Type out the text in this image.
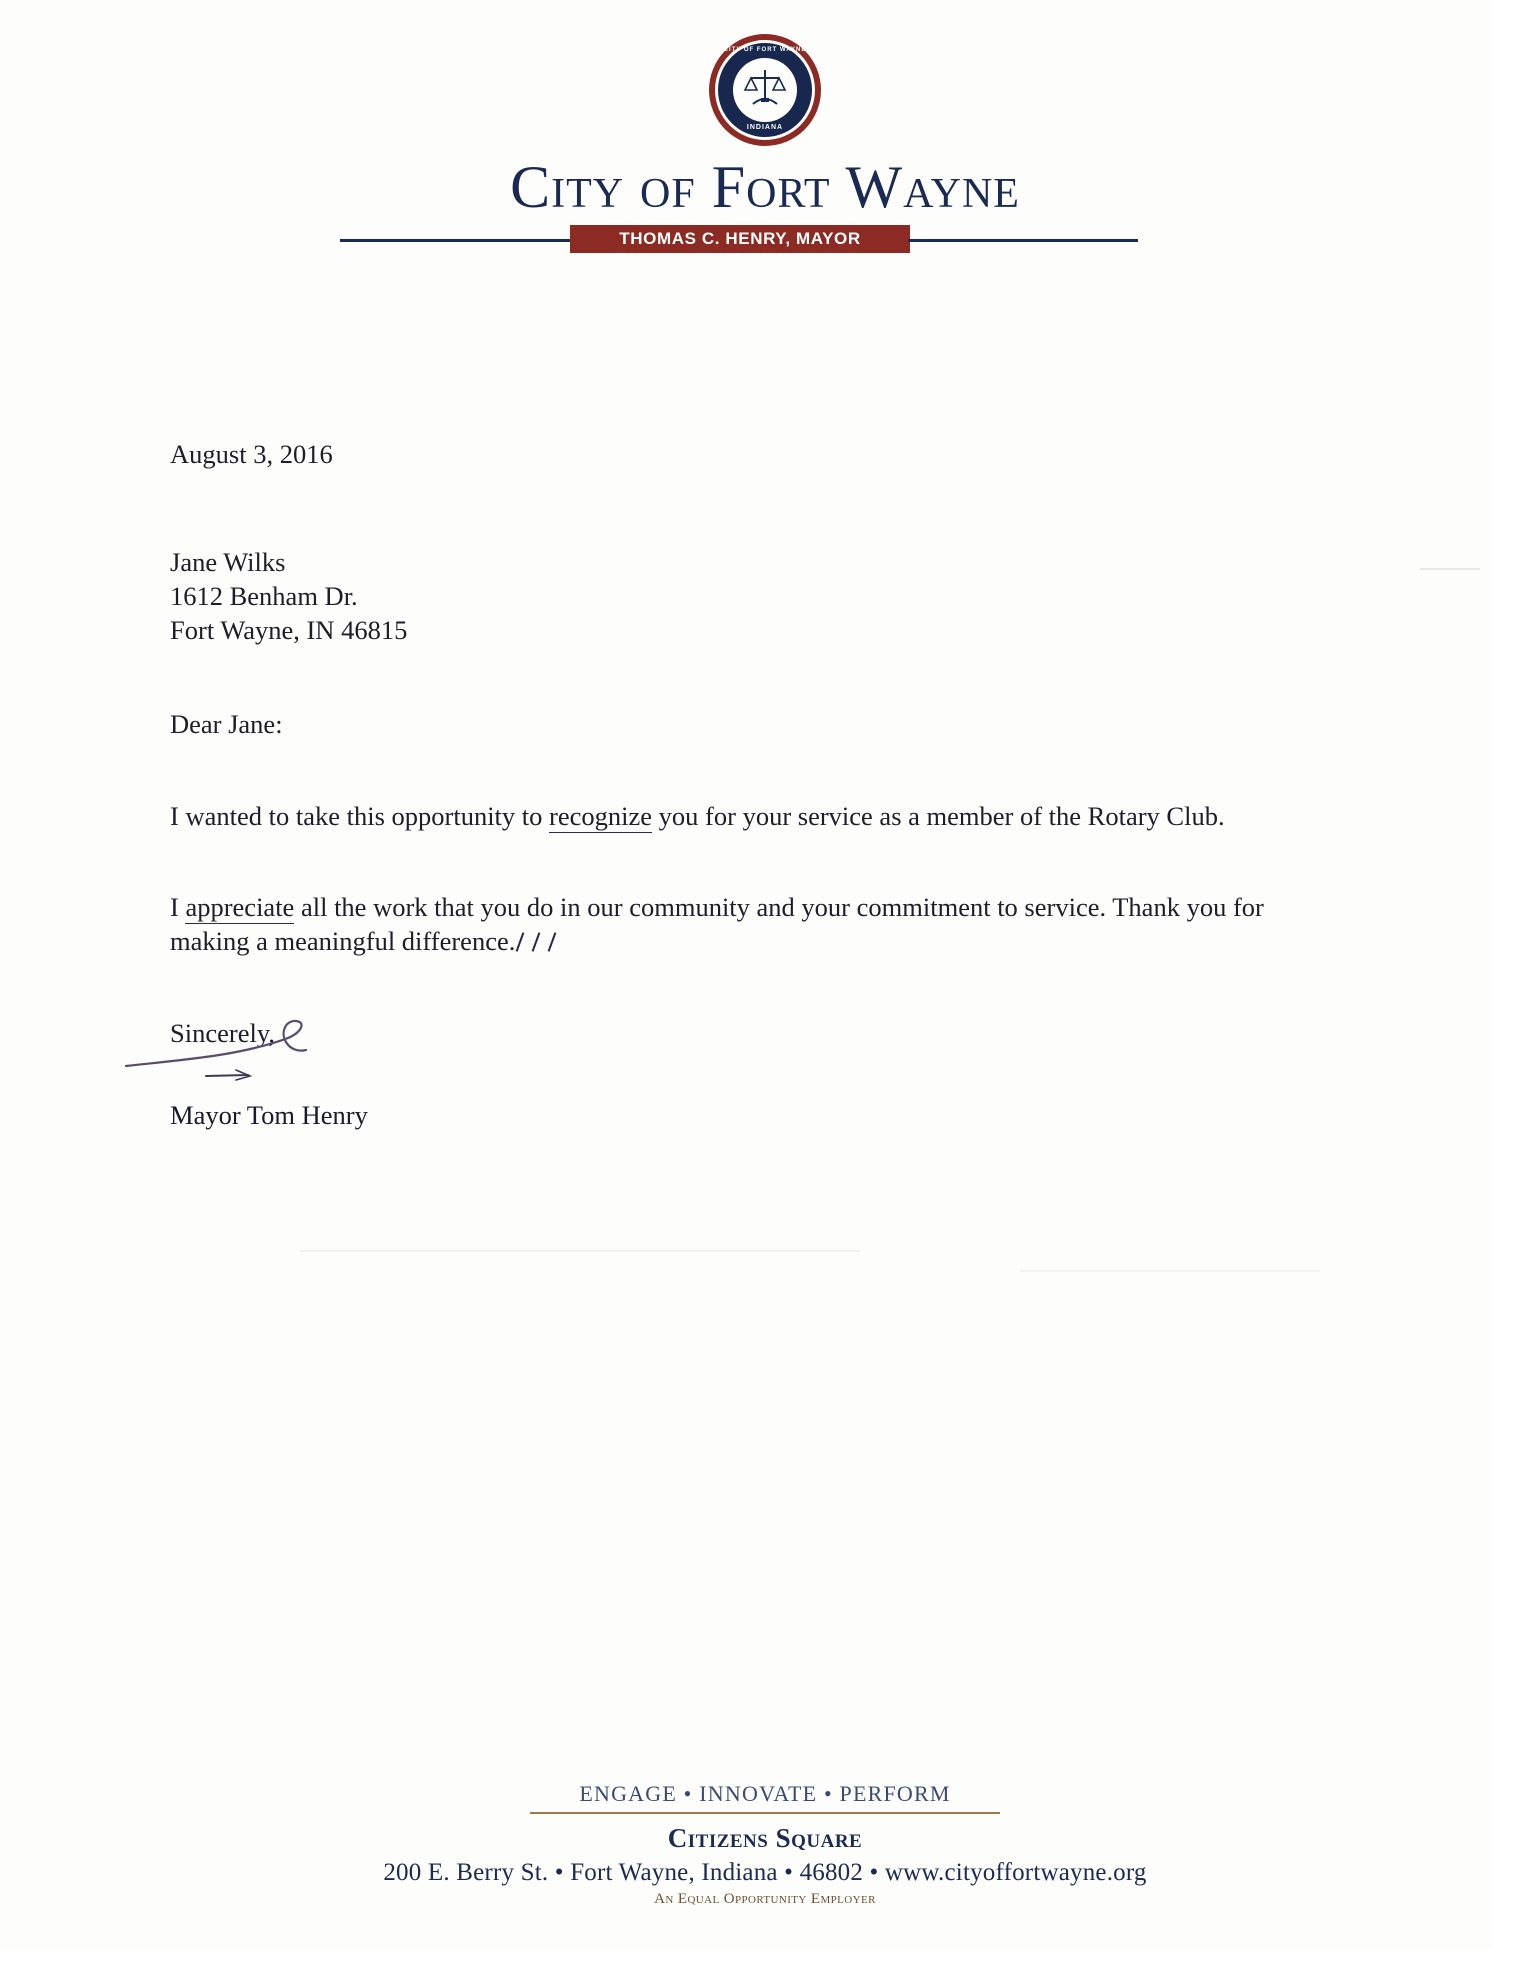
CITY OF FORT WAYNE
INDIANA
City of Fort Wayne
THOMAS C. HENRY, MAYOR

August 3, 2016

Jane Wilks

1612 Benham Dr.

Fort Wayne, IN 46815

Dear Jane:

I wanted to take this opportunity to recognize you for your service as a member of the Rotary Club.

I appreciate all the work that you do in our community and your commitment to service. Thank you for making a meaningful difference.

Sincerely,

Mayor Tom Henry
ENGAGE • INNOVATE • PERFORM
Citizens Square
200 E. Berry St. • Fort Wayne, Indiana • 46802 • www.cityoffortwayne.org
An Equal Opportunity Employer
